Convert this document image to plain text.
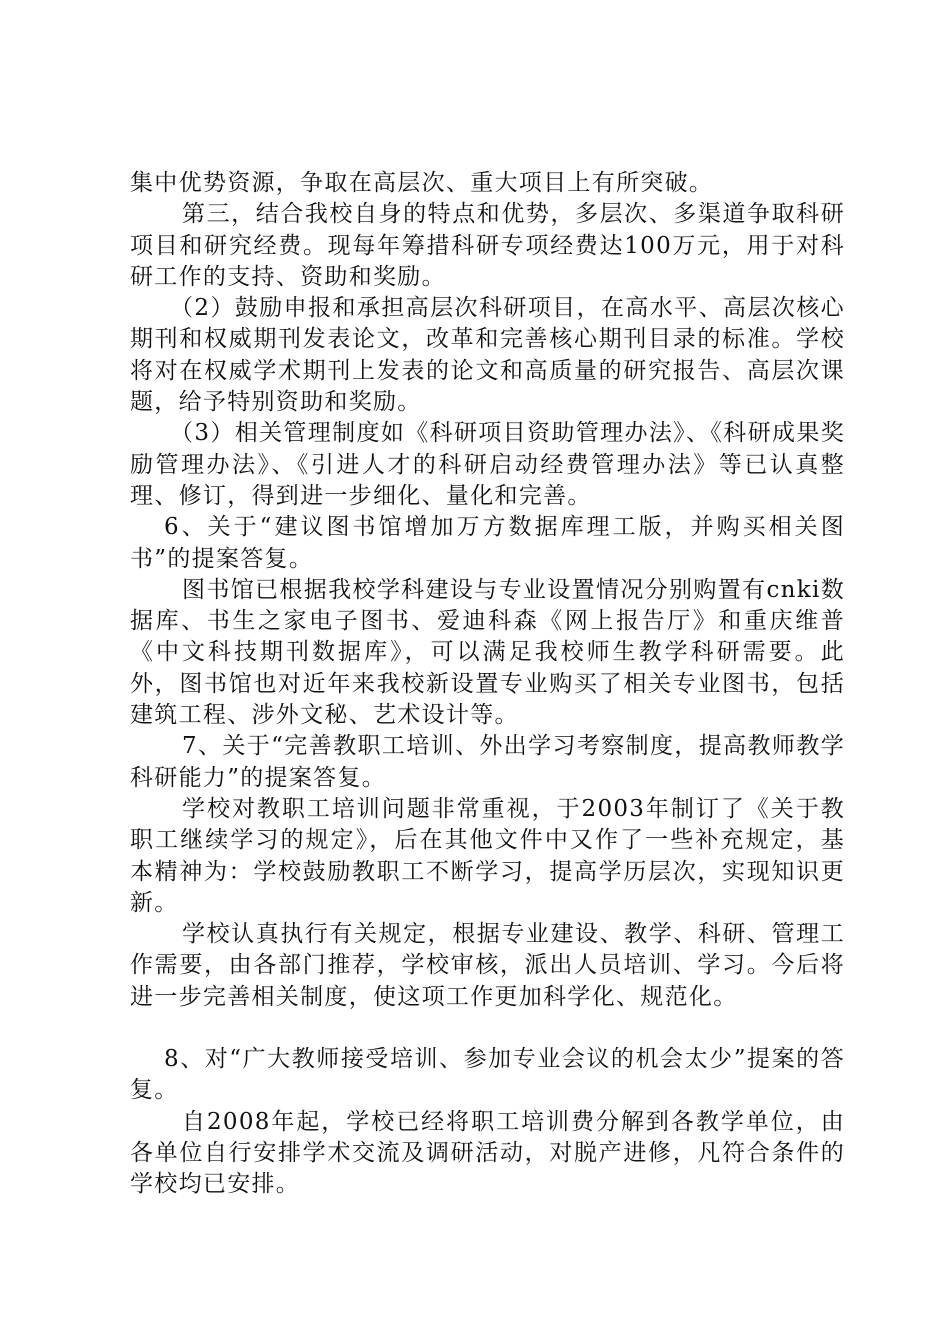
集中优势资源，争取在高层次、重大项目上有所突破。

第三，结合我校自身的特点和优势，多层次、多渠道争取科研项目和研究经费。现每年筹措科研专项经费达100万元，用于对科研工作的支持、资助和奖励。

（2）鼓励申报和承担高层次科研项目，在高水平、高层次核心期刊和权威期刊发表论文，改革和完善核心期刊目录的标准。学校将对在权威学术期刊上发表的论文和高质量的研究报告、高层次课题，给予特别资助和奖励。

（3）相关管理制度如《科研项目资助管理办法》、《科研成果奖励管理办法》、《引进人才的科研启动经费管理办法》等已认真整理、修订，得到进一步细化、量化和完善。

6、关于“建议图书馆增加万方数据库理工版，并购买相关图书”的提案答复。

图书馆已根据我校学科建设与专业设置情况分别购置有cnki数据库、书生之家电子图书、爱迪科森《网上报告厅》和重庆维普《中文科技期刊数据库》，可以满足我校师生教学科研需要。此外，图书馆也对近年来我校新设置专业购买了相关专业图书，包括建筑工程、涉外文秘、艺术设计等。

7、关于“完善教职工培训、外出学习考察制度，提高教师教学科研能力”的提案答复。

学校对教职工培训问题非常重视，于2003年制订了《关于教职工继续学习的规定》，后在其他文件中又作了一些补充规定，基本精神为：学校鼓励教职工不断学习，提高学历层次，实现知识更新。

学校认真执行有关规定，根据专业建设、教学、科研、管理工作需要，由各部门推荐，学校审核，派出人员培训、学习。今后将进一步完善相关制度，使这项工作更加科学化、规范化。

8、对“广大教师接受培训、参加专业会议的机会太少”提案的答复。

自2008年起，学校已经将职工培训费分解到各教学单位，由各单位自行安排学术交流及调研活动，对脱产进修，凡符合条件的学校均已安排。
